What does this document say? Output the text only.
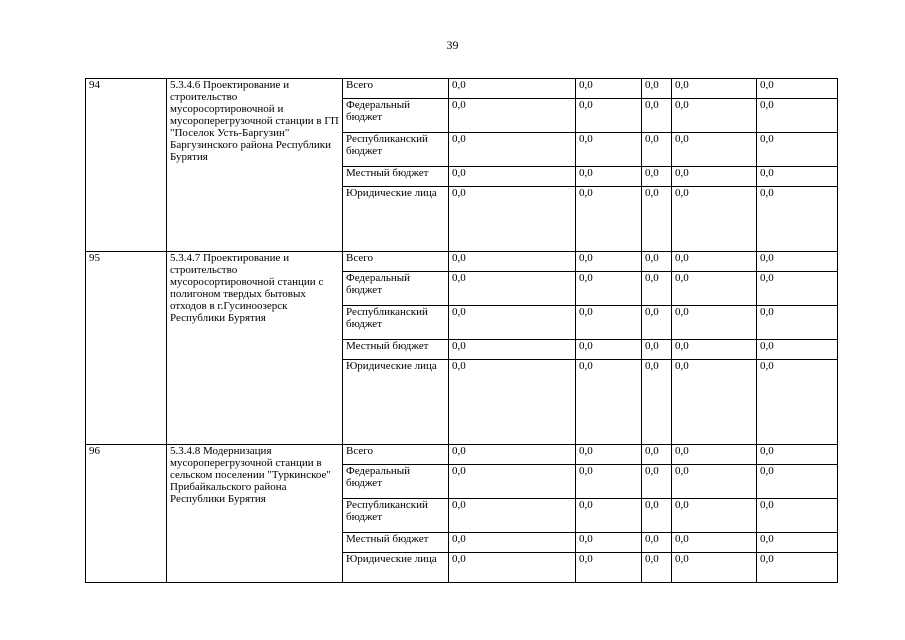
39
94	5.3.4.6 Проектирование и строительство мусоросортировочной и мусороперегрузочной станции в ГП "Поселок Усть-Баргузин" Баргузинского района Республики Бурятия	Всего	0,0	0,0	0,0	0,0	0,0
		Федеральный бюджет	0,0	0,0	0,0	0,0	0,0
		Республиканский бюджет	0,0	0,0	0,0	0,0	0,0
		Местный бюджет	0,0	0,0	0,0	0,0	0,0
		Юридические лица	0,0	0,0	0,0	0,0	0,0
95	5.3.4.7 Проектирование и строительство мусоросортировочной станции с полигоном твердых бытовых отходов в г.Гусиноозерск Республики Бурятия	Всего	0,0	0,0	0,0	0,0	0,0
		Федеральный бюджет	0,0	0,0	0,0	0,0	0,0
		Республиканский бюджет	0,0	0,0	0,0	0,0	0,0
		Местный бюджет	0,0	0,0	0,0	0,0	0,0
		Юридические лица	0,0	0,0	0,0	0,0	0,0
96	5.3.4.8 Модернизация мусороперегрузочной станции в сельском поселении "Туркинское" Прибайкальского района Республики Бурятия	Всего	0,0	0,0	0,0	0,0	0,0
		Федеральный бюджет	0,0	0,0	0,0	0,0	0,0
		Республиканский бюджет	0,0	0,0	0,0	0,0	0,0
		Местный бюджет	0,0	0,0	0,0	0,0	0,0
		Юридические лица	0,0	0,0	0,0	0,0	0,0
